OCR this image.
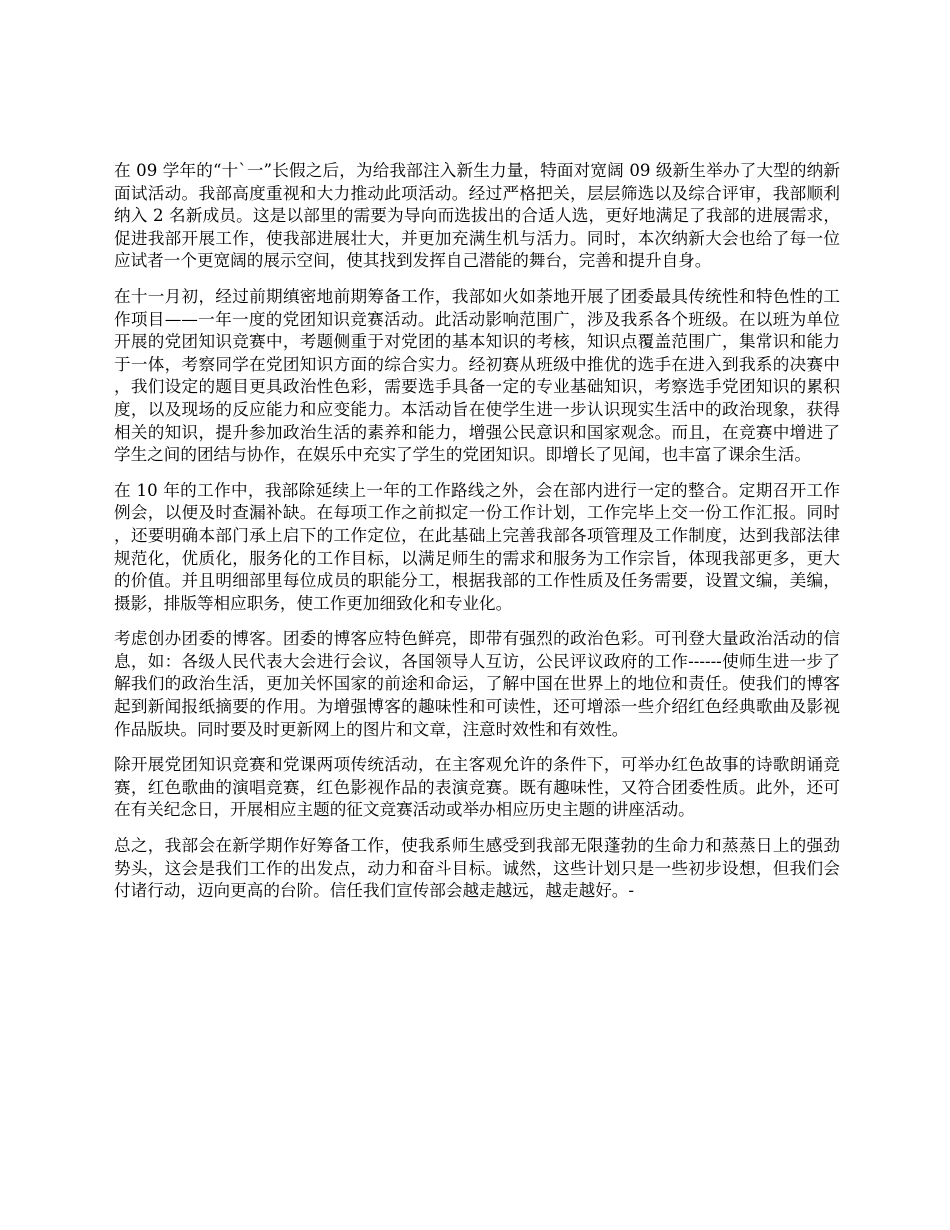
在 09 学年的“十`一”长假之后，为给我部注入新生力量，特面对宽阔 09 级新生举办了大型的纳新面试活动。我部高度重视和大力推动此项活动。经过严格把关，层层筛选以及综合评审，我部顺利纳入 2 名新成员。这是以部里的需要为导向而选拔出的合适人选，更好地满足了我部的进展需求，促进我部开展工作，使我部进展壮大，并更加充满生机与活力。同时，本次纳新大会也给了每一位应试者一个更宽阔的展示空间，使其找到发挥自己潜能的舞台，完善和提升自身。

在十一月初，经过前期缜密地前期筹备工作，我部如火如荼地开展了团委最具传统性和特色性的工作项目——一年一度的党团知识竞赛活动。此活动影响范围广，涉及我系各个班级。在以班为单位开展的党团知识竞赛中，考题侧重于对党团的基本知识的考核，知识点覆盖范围广，集常识和能力于一体，考察同学在党团知识方面的综合实力。经初赛从班级中推优的选手在进入到我系的决赛中，我们设定的题目更具政治性色彩，需要选手具备一定的专业基础知识，考察选手党团知识的累积度，以及现场的反应能力和应变能力。本活动旨在使学生进一步认识现实生活中的政治现象，获得相关的知识，提升参加政治生活的素养和能力，增强公民意识和国家观念。而且，在竞赛中增进了学生之间的团结与协作，在娱乐中充实了学生的党团知识。即增长了见闻，也丰富了课余生活。

在 10 年的工作中，我部除延续上一年的工作路线之外，会在部内进行一定的整合。定期召开工作例会，以便及时查漏补缺。在每项工作之前拟定一份工作计划，工作完毕上交一份工作汇报。同时，还要明确本部门承上启下的工作定位，在此基础上完善我部各项管理及工作制度，达到我部法律规范化，优质化，服务化的工作目标，以满足师生的需求和服务为工作宗旨，体现我部更多，更大的价值。并且明细部里每位成员的职能分工，根据我部的工作性质及任务需要，设置文编，美编，摄影，排版等相应职务，使工作更加细致化和专业化。

考虑创办团委的博客。团委的博客应特色鲜亮，即带有强烈的政治色彩。可刊登大量政治活动的信息，如：各级人民代表大会进行会议，各国领导人互访，公民评议政府的工作------使师生进一步了解我们的政治生活，更加关怀国家的前途和命运，了解中国在世界上的地位和责任。使我们的博客起到新闻报纸摘要的作用。为增强博客的趣味性和可读性，还可增添一些介绍红色经典歌曲及影视作品版块。同时要及时更新网上的图片和文章，注意时效性和有效性。

除开展党团知识竞赛和党课两项传统活动，在主客观允许的条件下，可举办红色故事的诗歌朗诵竞赛，红色歌曲的演唱竞赛，红色影视作品的表演竞赛。既有趣味性，又符合团委性质。此外，还可在有关纪念日，开展相应主题的征文竞赛活动或举办相应历史主题的讲座活动。

总之，我部会在新学期作好筹备工作，使我系师生感受到我部无限蓬勃的生命力和蒸蒸日上的强劲势头，这会是我们工作的出发点，动力和奋斗目标。诚然，这些计划只是一些初步设想，但我们会付诸行动，迈向更高的台阶。信任我们宣传部会越走越远，越走越好。-
